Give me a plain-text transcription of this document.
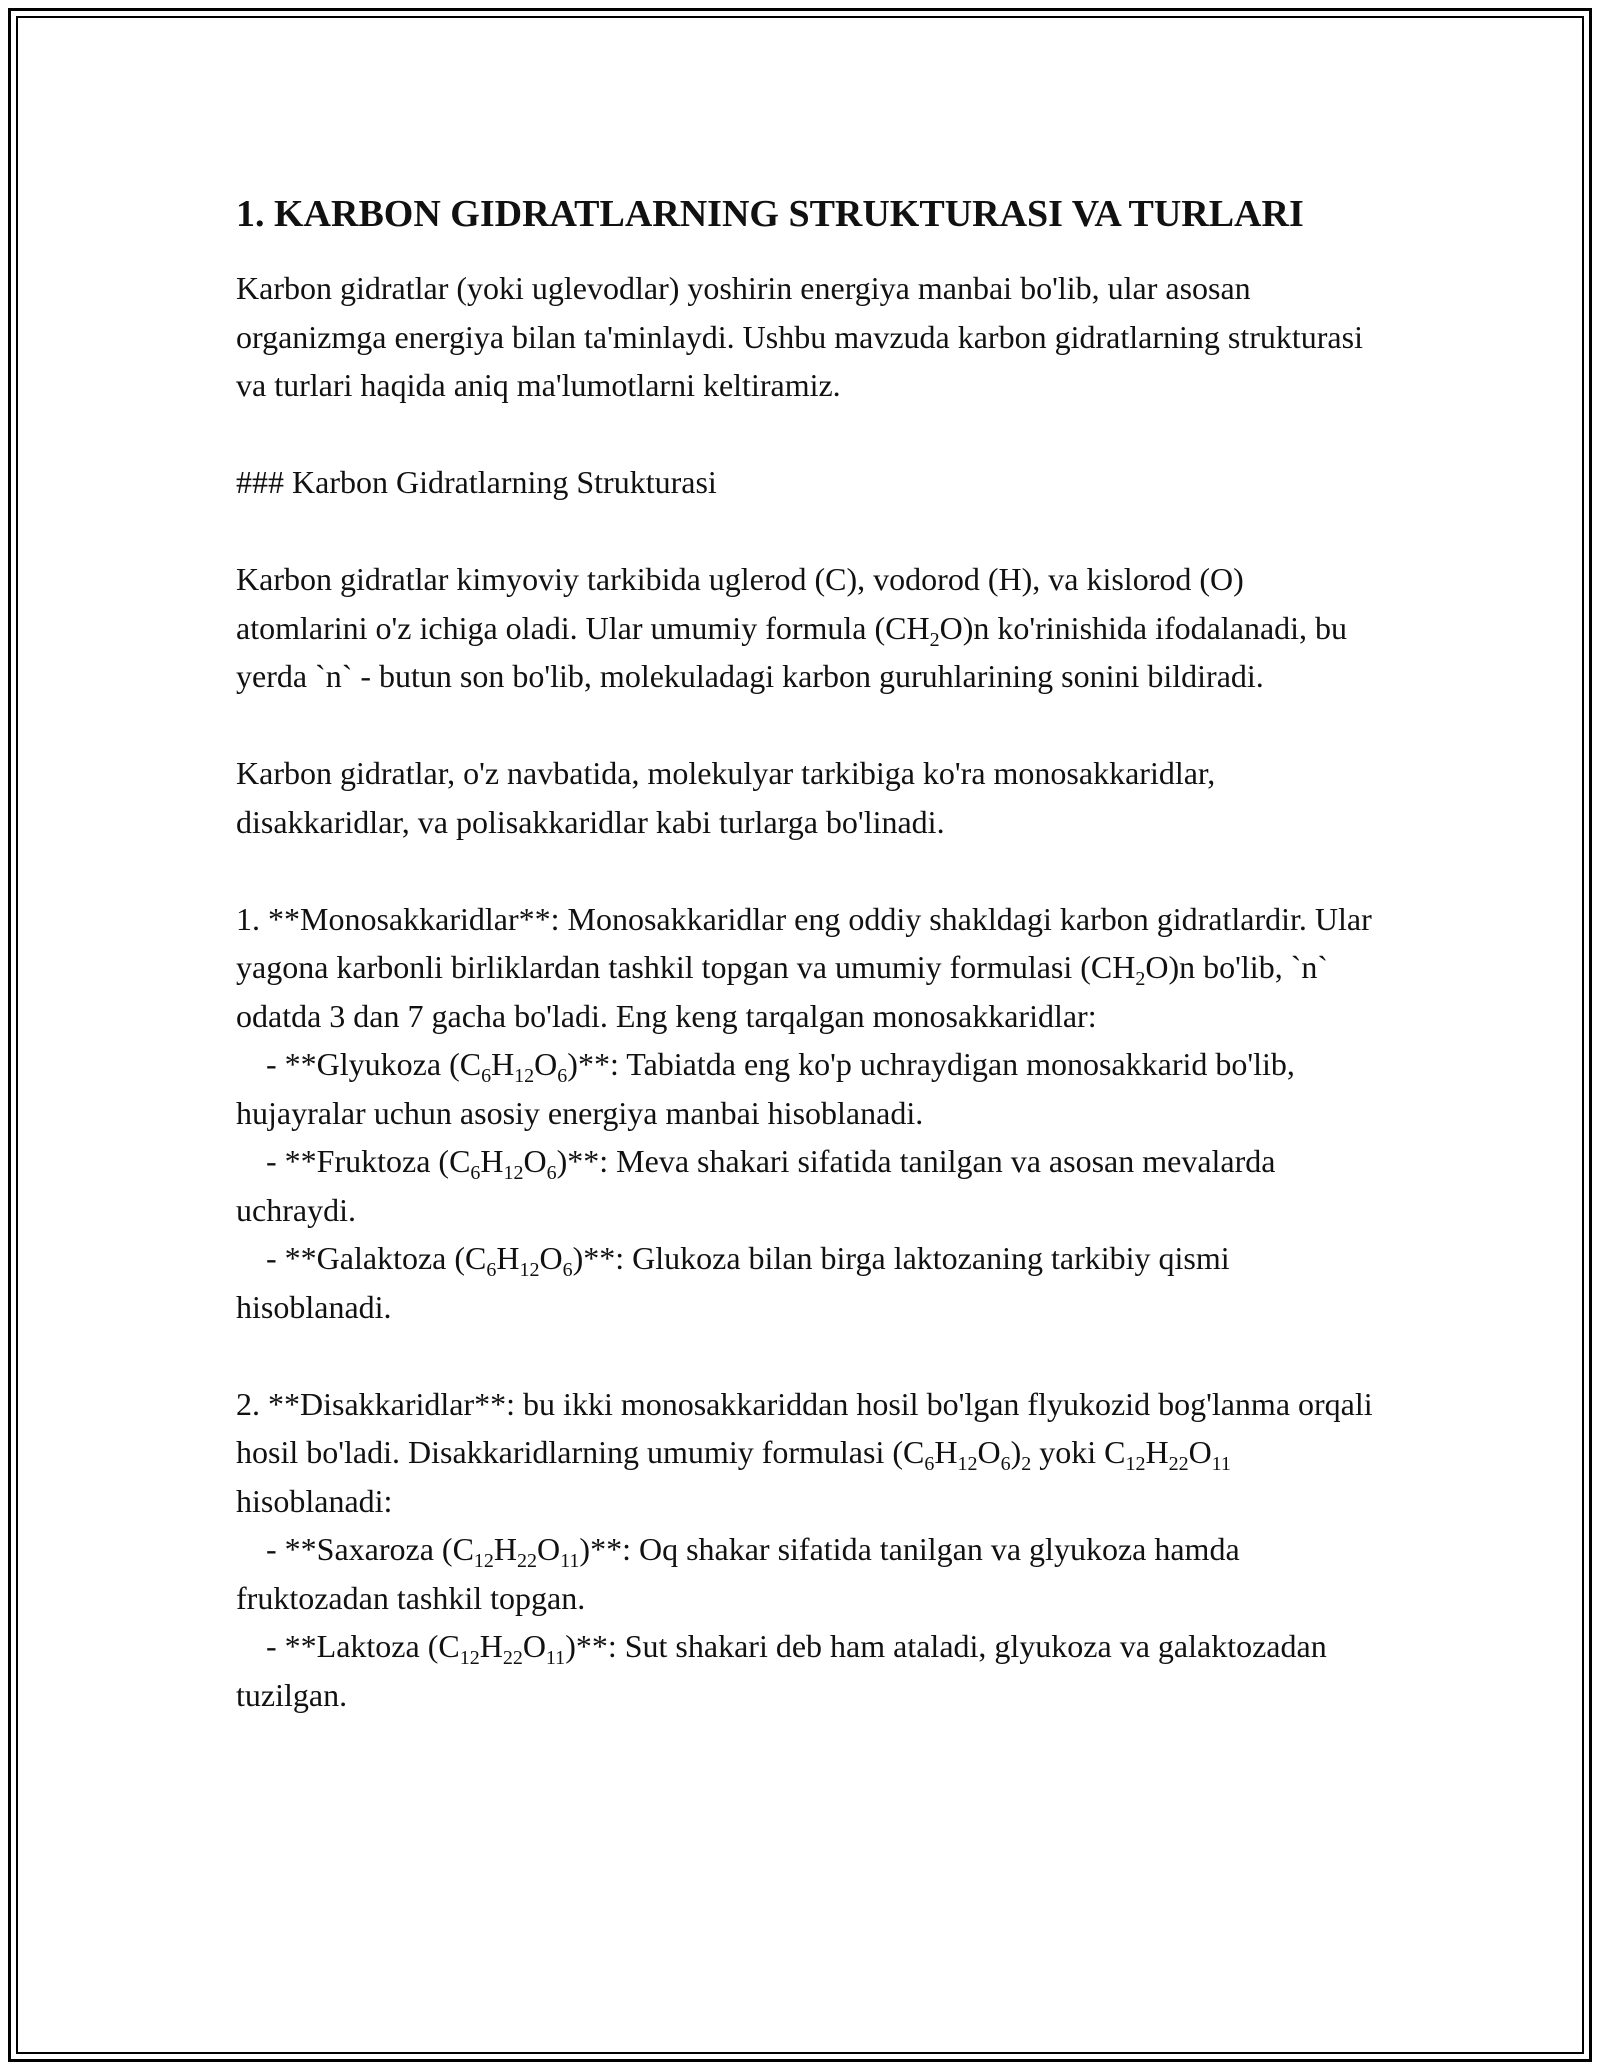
1. KARBON GIDRATLARNING STRUKTURASI VA TURLARI

Karbon gidratlar (yoki uglevodlar) yoshirin energiya manbai bo'lib, ular asosan organizmga energiya bilan ta'minlaydi. Ushbu mavzuda karbon gidratlarning strukturasi va turlari haqida aniq ma'lumotlarni keltiramiz.

### Karbon Gidratlarning Strukturasi

Karbon gidratlar kimyoviy tarkibida uglerod (C), vodorod (H), va kislorod (O) atomlarini o'z ichiga oladi. Ular umumiy formula $(CH_2O)n$ ko'rinishida ifodalanadi, bu yerda `n` - butun son bo'lib, molekuladagi karbon guruhlarining sonini bildiradi.

Karbon gidratlar, o'z navbatida, molekulyar tarkibiga ko'ra monosakkaridlar, disakkaridlar, va polisakkaridlar kabi turlarga bo'linadi.

1. **Monosakkaridlar**: Monosakkaridlar eng oddiy shakldagi karbon gidratlardir. Ular yagona karbonli birliklardan tashkil topgan va umumiy formulasi $(CH_2O)n$ bo'lib, `n` odatda 3 dan 7 gacha bo'ladi. Eng keng tarqalgan monosakkaridlar:
- **Glyukoza $(C_6H_{12}O_6)**$: Tabiatda eng ko'p uchraydigan monosakkarid bo'lib, hujayralar uchun asosiy energiya manbai hisoblanadi.
- **Fruktoza $(C_6H_{12}O_6)**$: Meva shakari sifatida tanilgan va asosan mevalarda uchraydi.
- **Galaktoza $(C_6H_{12}O_6)**$: Glukoza bilan birga laktozaning tarkibiy qismi hisoblanadi.

2. **Disakkaridlar**: bu ikki monosakkariddan hosil bo'lgan flyukozid bog'lanma orqali hosil bo'ladi. Disakkaridlarning umumiy formulasi $(C_6H_{12}O_6)_2$ yoki $C_{12}H_{22}O_{11}$ hisoblanadi:
- **Saxaroza $(C_{12}H_{22}O_{11})**$: Oq shakar sifatida tanilgan va glyukoza hamda fruktozadan tashkil topgan.
- **Laktoza $(C_{12}H_{22}O_{11})**$: Sut shakari deb ham ataladi, glyukoza va galaktozadan tuzilgan.
